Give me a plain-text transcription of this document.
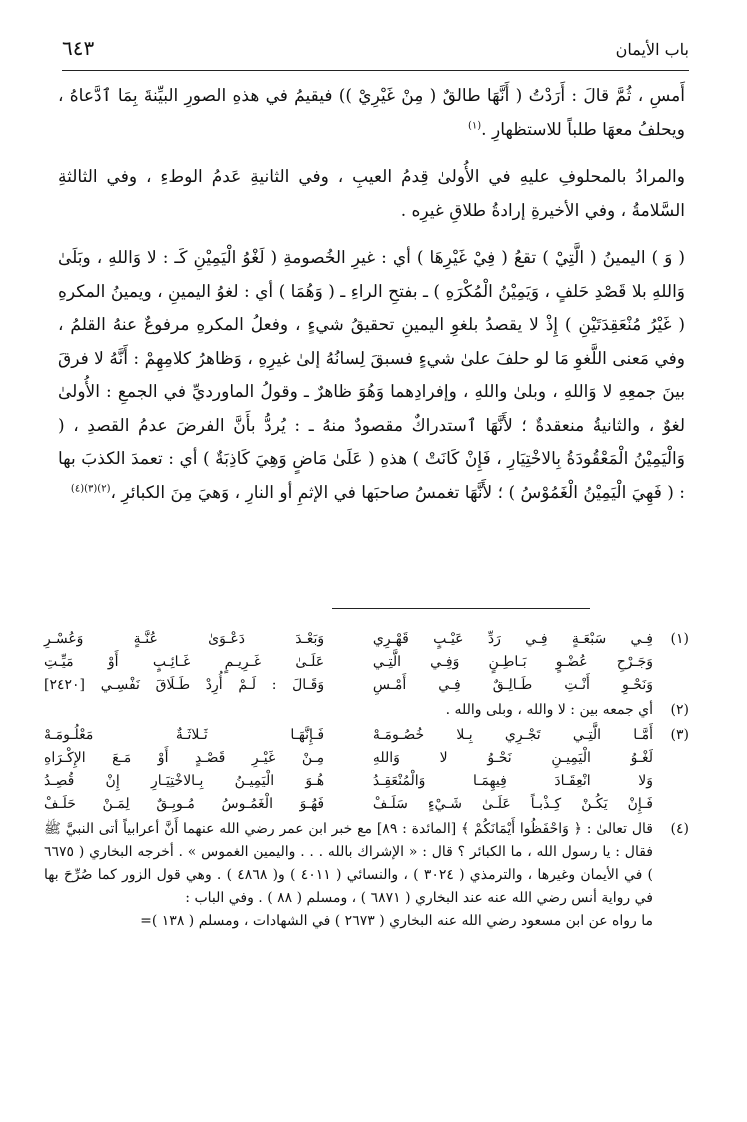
باب الأيمان
٦٤٣

أَمسِ ، ثُمَّ قالَ : أَرَدْتُ ( أَنَّهَا طالقٌ ( مِنْ غَيْرِيْ )) فيقيمُ في هذهِ الصورِ البيِّنةَ بِمَا ٱدَّعاهُ ، ويحلفُ معهَا طلباً للاستظهارِ .$^{(١)}$

والمرادُ بالمحلوفِ عليهِ في الأُولىٰ قِدمُ العيبِ ، وفي الثانيةِ عَدمُ الوطءِ ، وفي الثالثةِ السَّلامةُ ، وفي الأخيرةِ إرادةُ طلاقِ غيرِه .

( وَ ) اليمينُ ( الَّتِيْ ) تقعُ ( فِيْ غَيْرِهَا ) أي : غيرِ الخُصومةِ ( لَغْوُ الْيَمِيْنِ كَـ : لا وَاللهِ ، وبَلَىٰ وَاللهِ بلا قَصْدِ حَلفٍ ، وَيَمِيْنُ الْمُكْرَهِ ) ـ بفتحِ الراءِ ـ ( وَهُمَا ) أي : لغوُ اليمينِ ، ويمينُ المكرهِ ( غَيْرُ مُنْعَقِدَتَيْنِ ) إِذْ لا يقصدُ بلغوِ اليمينِ تحقيقُ شيءٍ ، وفعلُ المكرهِ مرفوعٌ عنهُ القلمُ ، وفي مَعنى اللَّغوِ مَا لو حلفَ علىٰ شيءٍ فسبقَ لِسانُهُ إلىٰ غيرِهِ ، وَظاهرُ كلامِهِمْ : أَنَّهُ لا فرقَ بينَ جمعِهِ لا وَاللهِ ، وبلىٰ واللهِ ، وإفرادِهما وَهُوَ ظاهرٌ ـ وقولُ الماورديِّ في الجمعِ : الأُولىٰ لغوٌ ، والثانيةُ منعقدةٌ ؛ لأَنَّهَا ٱستدراكٌ مقصودٌ منهُ ـ : يُردُّ بأَنَّ الفرضَ عدمُ القصدِ ، ( وَالْيَمِيْنُ الْمَعْقُودَةُ بِالاخْتِيَارِ ، فَإِنْ كَانَتْ ) هذهِ ( عَلَىٰ مَاضٍ وَهِيَ كَاذِبَةٌ ) أي : تعمدَ الكذبَ بها : ( فَهِيَ الْيَمِيْنُ الْغَمُوْسُ ) ؛ لأَنَّهَا تغمسُ صاحبَها في الإثمِ أو النارِ ، وَهيَ مِنَ الكبائرِ ،$^{(٢)(٣)(٤)}$

(١)
فِـي سَبْعَـةٍ فِـي رَدِّ عَيْـبٍ قَهْـرِي
وَبَعْـدَ دَعْـوَىٰ عُنَّـةٍ وَعُسْـرِ
وَجَـرْحِ عُضْـوٍ بَـاطِـنٍ وَفِـي الَّتِـي
عَلَـىٰ غَـرِيـمٍ غَـائِـبٍ أَوْ مَيِّـتِ
وَنَحْـوِ أَنْـتِ طَـالِـقٌ فِـي أَمْـسِ
وَقَـالَ : لَـمْ أُرِدْ طَـلَاقَ نَفْسِـي [٢٤٢٠]
(٢)
أي جمعه بين : لا والله ، وبلى والله .
(٣)
أَمَّـا الَّتِـي تَجْـرِي بِـلا خُصُـومَـهْ
فَـإِنَّهَـا ثَـلاثَـةٌ مَعْلُـومَـهْ
لَغْـوُ الْيَمِيـنِ نَحْـوُ لا وَاللهِ
مِـنْ غَيْـرِ قَصْـدٍ أَوْ مَـعَ الإِكْـرَاهِ
وَلا انْعِقَـادَ فِيهِمَـا وَالْمُنْعَقِـدُ
هُـوَ الْيَمِيـنُ بِـالاخْتِيَـارِ إِنْ قُصِـدُ
فَـإِنْ يَكُـنْ كِـذْبـاً عَلَـىٰ شَـيْءٍ سَلَـفْ
فَهُـوَ الْغَمُـوسُ مُـوبِـقٌ لِمَـنْ حَلَـفْ
(٤)
قال تعالىٰ : ﴿ وَاحْفَظُوا أَيْمَانَكُمْ ﴾ [المائدة : ٨٩] مع خبر ابن عمر رضي الله عنهما أَنَّ أعرابياً أتى النبيَّ ﷺ فقال : يا رسول الله ، ما الكبائر ؟ قال : « الإشراك بالله . . . واليمين الغموس » . أخرجه البخاري ( ٦٦٧٥ ) في الأيمان وغيرها ، والترمذي ( ٣٠٢٤ ) ، والنسائي ( ٤٠١١ ) و( ٤٨٦٨ ) . وهي قول الزور كما صُرِّحَ بها في رواية أنس رضي الله عنه عند البخاري ( ٦٨٧١ ) ، ومسلم ( ٨٨ ) . وفي الباب :
ما رواه عن ابن مسعود رضي الله عنه البخاري ( ٢٦٧٣ ) في الشهادات ، ومسلم ( ١٣٨ )=
